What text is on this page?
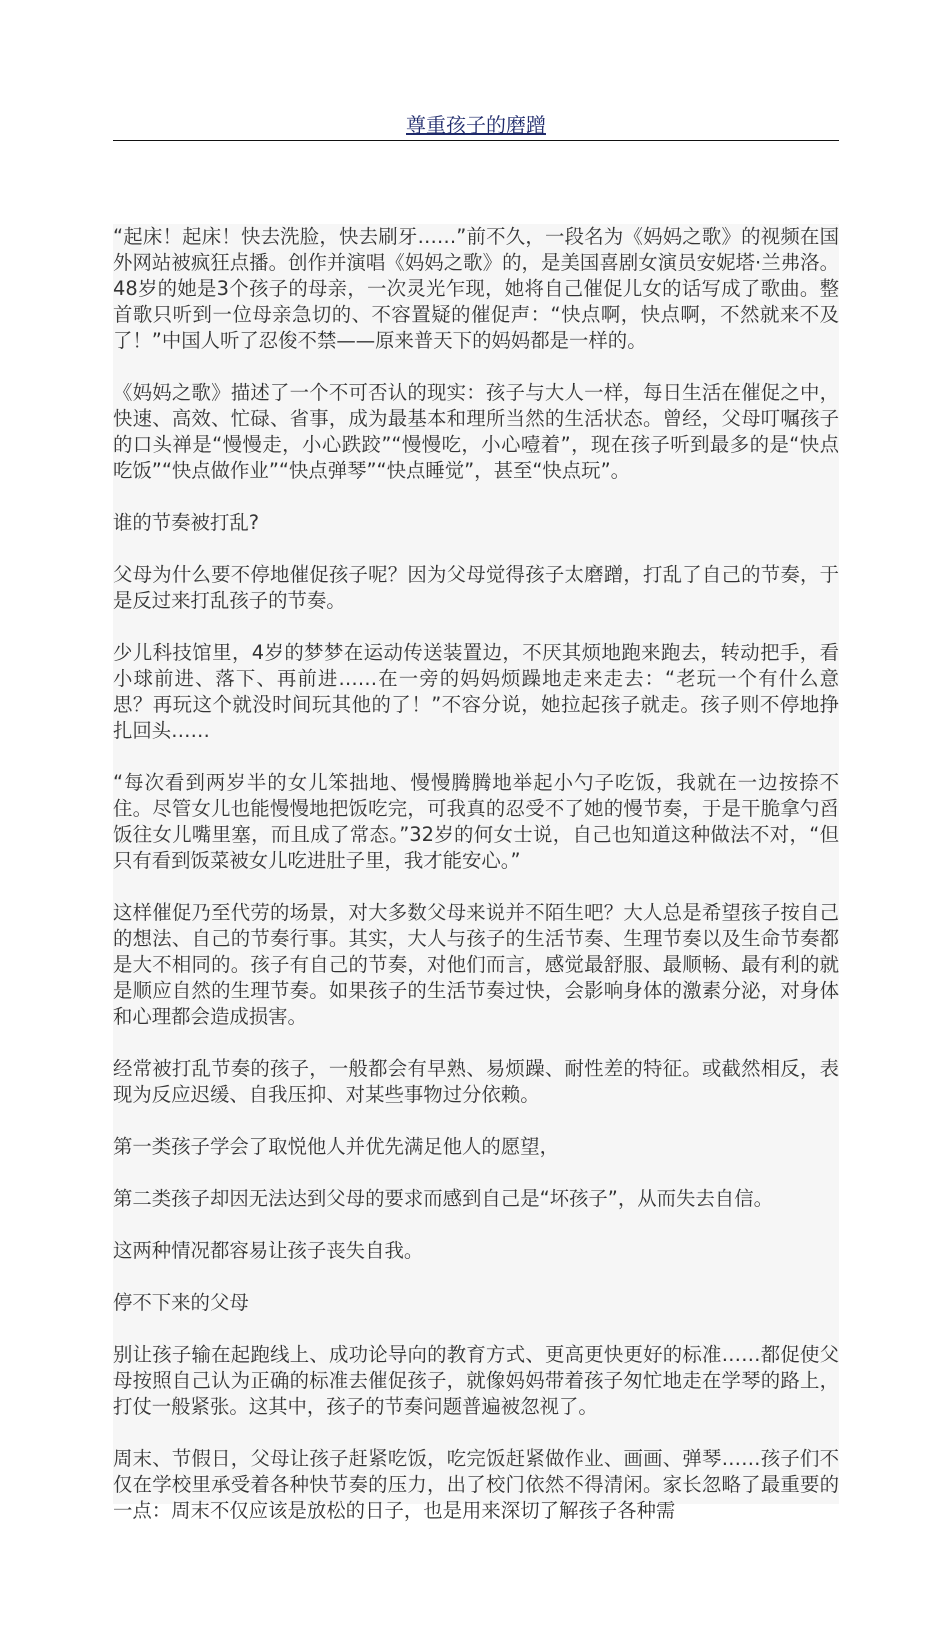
尊重孩子的磨蹭

“起床！起床！快去洗脸，快去刷牙……”前不久，一段名为《妈妈之歌》的视频在国外网站被疯狂点播。创作并演唱《妈妈之歌》的，是美国喜剧女演员安妮塔·兰弗洛。48岁的她是3个孩子的母亲，一次灵光乍现，她将自己催促儿女的话写成了歌曲。整首歌只听到一位母亲急切的、不容置疑的催促声：“快点啊，快点啊，不然就来不及了！”中国人听了忍俊不禁——原来普天下的妈妈都是一样的。

《妈妈之歌》描述了一个不可否认的现实：孩子与大人一样，每日生活在催促之中，快速、高效、忙碌、省事，成为最基本和理所当然的生活状态。曾经，父母叮嘱孩子的口头禅是“慢慢走，小心跌跤”“慢慢吃，小心噎着”，现在孩子听到最多的是“快点吃饭”“快点做作业”“快点弹琴”“快点睡觉”，甚至“快点玩”。

谁的节奏被打乱?

父母为什么要不停地催促孩子呢？因为父母觉得孩子太磨蹭，打乱了自己的节奏，于是反过来打乱孩子的节奏。

少儿科技馆里，4岁的梦梦在运动传送装置边，不厌其烦地跑来跑去，转动把手，看小球前进、落下、再前进……在一旁的妈妈烦躁地走来走去：“老玩一个有什么意思？再玩这个就没时间玩其他的了！”不容分说，她拉起孩子就走。孩子则不停地挣扎回头……

“每次看到两岁半的女儿笨拙地、慢慢腾腾地举起小勺子吃饭，我就在一边按捺不住。尽管女儿也能慢慢地把饭吃完，可我真的忍受不了她的慢节奏，于是干脆拿勺舀饭往女儿嘴里塞，而且成了常态。”32岁的何女士说，自己也知道这种做法不对，“但只有看到饭菜被女儿吃进肚子里，我才能安心。”

这样催促乃至代劳的场景，对大多数父母来说并不陌生吧？大人总是希望孩子按自己的想法、自己的节奏行事。其实，大人与孩子的生活节奏、生理节奏以及生命节奏都是大不相同的。孩子有自己的节奏，对他们而言，感觉最舒服、最顺畅、最有利的就是顺应自然的生理节奏。如果孩子的生活节奏过快，会影响身体的激素分泌，对身体和心理都会造成损害。

经常被打乱节奏的孩子，一般都会有早熟、易烦躁、耐性差的特征。或截然相反，表现为反应迟缓、自我压抑、对某些事物过分依赖。

第一类孩子学会了取悦他人并优先满足他人的愿望，

第二类孩子却因无法达到父母的要求而感到自己是“坏孩子”，从而失去自信。

这两种情况都容易让孩子丧失自我。

停不下来的父母

别让孩子输在起跑线上、成功论导向的教育方式、更高更快更好的标准……都促使父母按照自己认为正确的标准去催促孩子，就像妈妈带着孩子匆忙地走在学琴的路上，打仗一般紧张。这其中，孩子的节奏问题普遍被忽视了。

周末、节假日，父母让孩子赶紧吃饭，吃完饭赶紧做作业、画画、弹琴……孩子们不仅在学校里承受着各种快节奏的压力，出了校门依然不得清闲。家长忽略了最重要的一点：周末不仅应该是放松的日子，也是用来深切了解孩子各种需
